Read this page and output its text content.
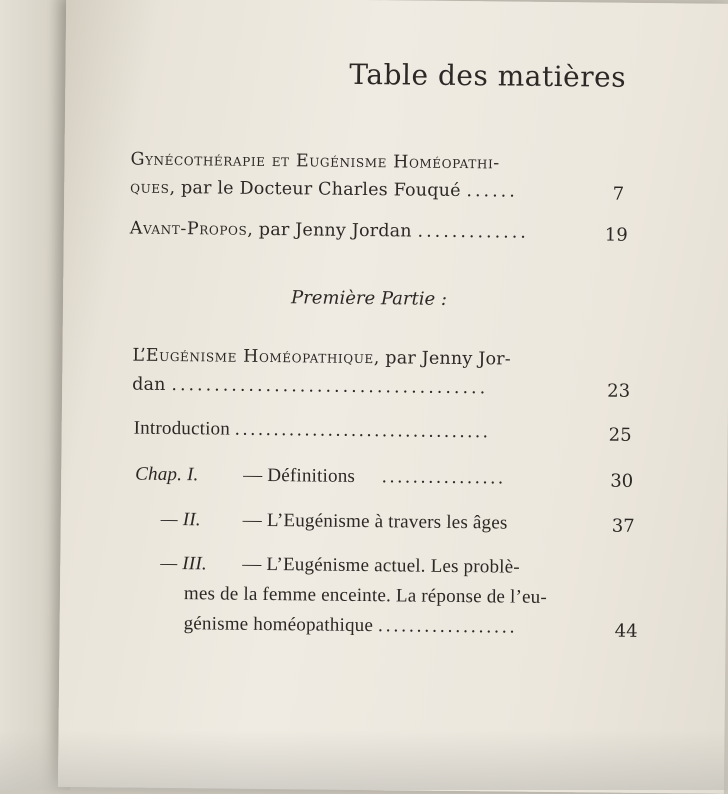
Table des matières
Gynécothérapie et Eugénisme Homéopathi-
ques, par le Docteur Charles Fouqué ......	7
Avant-Propos, par Jenny Jordan .............	19
Première Partie :
L’Eugénisme Homéopathique, par Jenny Jor-
dan .....................................	23
Introduction .................................	25
Chap. I. — Définitions ................	30
— II. — L’Eugénisme à travers les âges	37
— III. — L’Eugénisme actuel. Les problè-
mes de la femme enceinte. La réponse de l’eu-
génisme homéopathique ..................	44
